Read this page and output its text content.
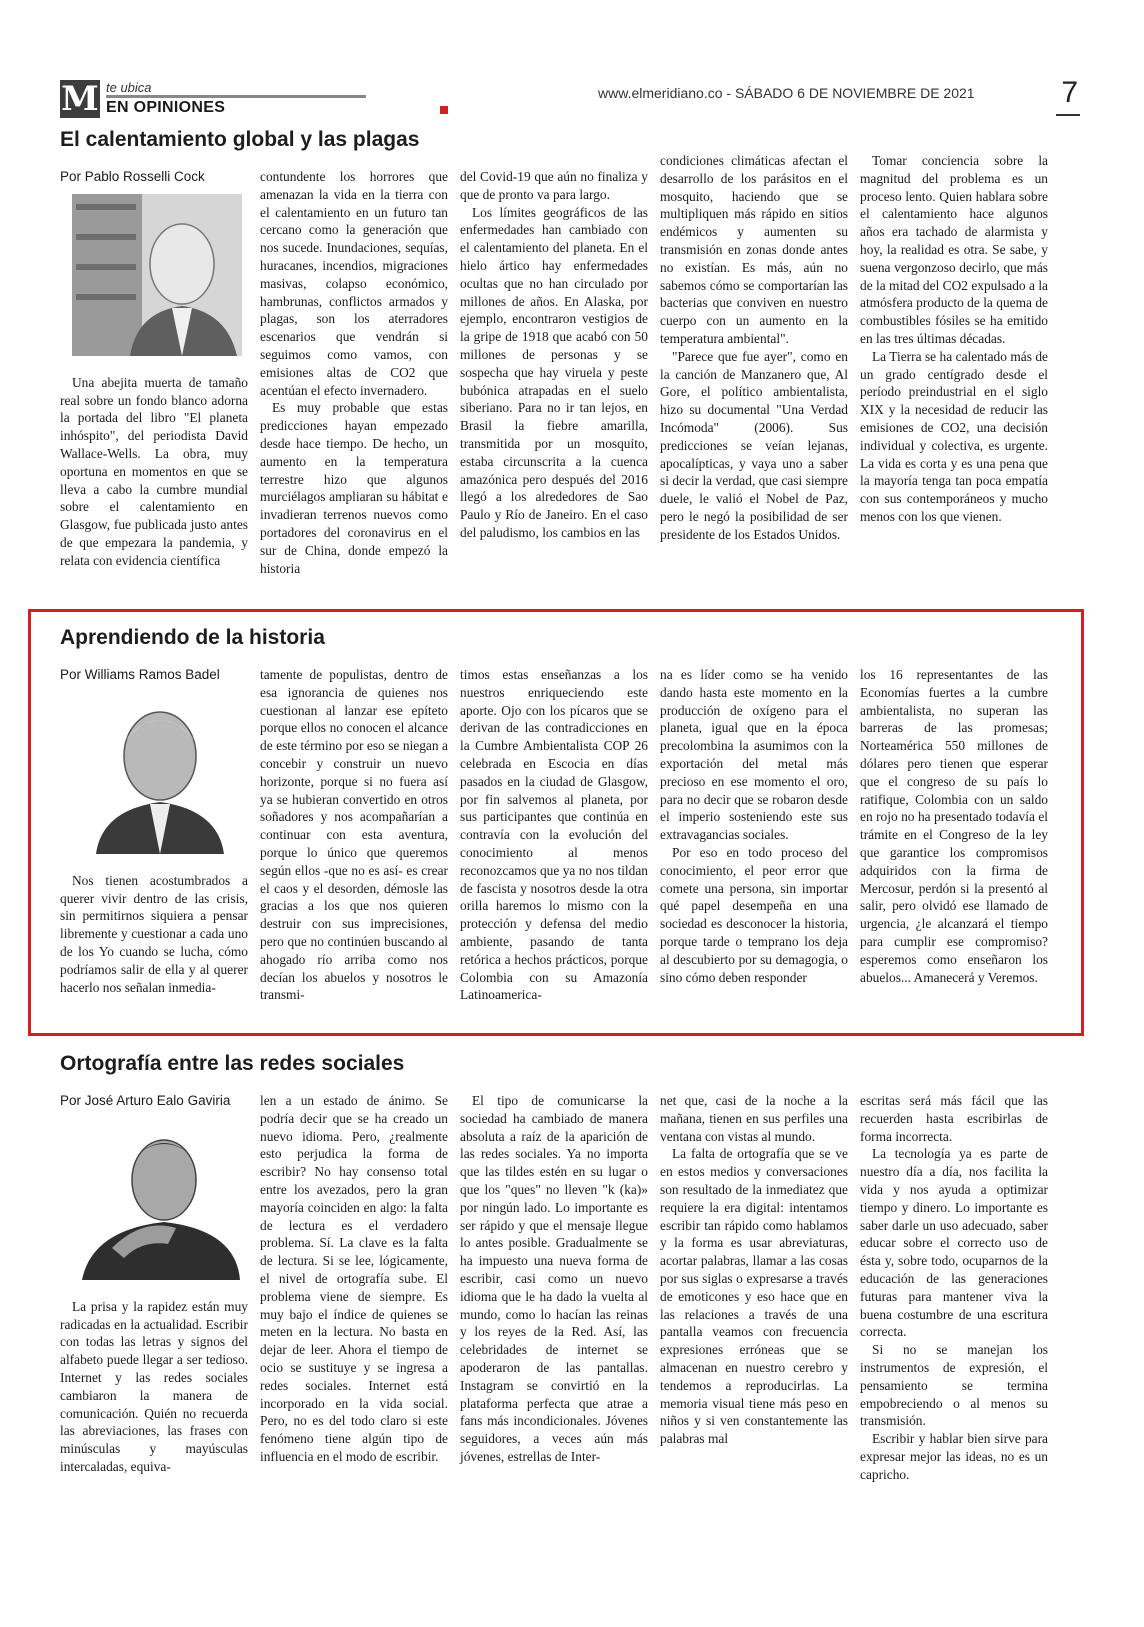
M te ubica
EN OPINIONES
www.elmeridiano.co - SÁBADO 6 DE NOVIEMBRE DE 2021	7
El calentamiento global y las plagas
Por Pablo Rosselli Cock

Una abejita muerta de tamaño real sobre un fondo blanco adorna la portada del libro "El planeta inhóspito", del periodista David Wallace-Wells. La obra, muy oportuna en momentos en que se lleva a cabo la cumbre mundial sobre el calentamiento en Glasgow, fue publicada justo antes de que empezara la pandemia, y relata con evidencia científica

contundente los horrores que amenazan la vida en la tierra con el calentamiento en un futuro tan cercano como la generación que nos sucede. Inundaciones, sequías, huracanes, incendios, migraciones masivas, colapso económico, hambrunas, conflictos armados y plagas, son los aterradores escenarios que vendrán si seguimos como vamos, con emisiones altas de CO2 que acentúan el efecto invernadero.

Es muy probable que estas predicciones hayan empezado desde hace tiempo. De hecho, un aumento en la temperatura terrestre hizo que algunos murciélagos ampliaran su hábitat e invadieran terrenos nuevos como portadores del coronavirus en el sur de China, donde empezó la historia

del Covid-19 que aún no finaliza y que de pronto va para largo.

Los límites geográficos de las enfermedades han cambiado con el calentamiento del planeta. En el hielo ártico hay enfermedades ocultas que no han circulado por millones de años. En Alaska, por ejemplo, encontraron vestigios de la gripe de 1918 que acabó con 50 millones de personas y se sospecha que hay viruela y peste bubónica atrapadas en el suelo siberiano. Para no ir tan lejos, en Brasil la fiebre amarilla, transmitida por un mosquito, estaba circunscrita a la cuenca amazónica pero después del 2016 llegó a los alrededores de Sao Paulo y Río de Janeiro. En el caso del paludismo, los cambios en las

condiciones climáticas afectan el desarrollo de los parásitos en el mosquito, haciendo que se multipliquen más rápido en sitios endémicos y aumenten su transmisión en zonas donde antes no existían. Es más, aún no sabemos cómo se comportarían las bacterias que conviven en nuestro cuerpo con un aumento en la temperatura ambiental".

"Parece que fue ayer", como en la canción de Manzanero que, Al Gore, el político ambientalista, hizo su documental "Una Verdad Incómoda" (2006). Sus predicciones se veían lejanas, apocalípticas, y vaya uno a saber si decir la verdad, que casi siempre duele, le valió el Nobel de Paz, pero le negó la posibilidad de ser presidente de los Estados Unidos.

Tomar conciencia sobre la magnitud del problema es un proceso lento. Quien hablara sobre el calentamiento hace algunos años era tachado de alarmista y hoy, la realidad es otra. Se sabe, y suena vergonzoso decirlo, que más de la mitad del CO2 expulsado a la atmósfera producto de la quema de combustibles fósiles se ha emitido en las tres últimas décadas.

La Tierra se ha calentado más de un grado centígrado desde el período preindustrial en el siglo XIX y la necesidad de reducir las emisiones de CO2, una decisión individual y colectiva, es urgente. La vida es corta y es una pena que la mayoría tenga tan poca empatía con sus contemporáneos y mucho menos con los que vienen.

Aprendiendo de la historia
Por Williams Ramos Badel

Nos tienen acostumbrados a querer vivir dentro de las crisis, sin permitirnos siquiera a pensar libremente y cuestionar a cada uno de los Yo cuando se lucha, cómo podríamos salir de ella y al querer hacerlo nos señalan inmedia-

tamente de populistas, dentro de esa ignorancia de quienes nos cuestionan al lanzar ese epíteto porque ellos no conocen el alcance de este término por eso se niegan a concebir y construir un nuevo horizonte, porque si no fuera así ya se hubieran convertido en otros soñadores y nos acompañarían a continuar con esta aventura, porque lo único que queremos según ellos -que no es así- es crear el caos y el desorden, démosle las gracias a los que nos quieren destruir con sus imprecisiones, pero que no continúen buscando al ahogado río arriba como nos decían los abuelos y nosotros le transmi-

timos estas enseñanzas a los nuestros enriqueciendo este aporte. Ojo con los pícaros que se derivan de las contradicciones en la Cumbre Ambientalista COP 26 celebrada en Escocia en días pasados en la ciudad de Glasgow, por fin salvemos al planeta, por sus participantes que continúa en contravía con la evolución del conocimiento al menos reconozcamos que ya no nos tildan de fascista y nosotros desde la otra orilla haremos lo mismo con la protección y defensa del medio ambiente, pasando de tanta retórica a hechos prácticos, porque Colombia con su Amazonía Latinoamerica-

na es líder como se ha venido dando hasta este momento en la producción de oxígeno para el planeta, igual que en la época precolombina la asumimos con la exportación del metal más precioso en ese momento el oro, para no decir que se robaron desde el imperio sosteniendo este sus extravagancias sociales.

Por eso en todo proceso del conocimiento, el peor error que comete una persona, sin importar qué papel desempeña en una sociedad es desconocer la historia, porque tarde o temprano los deja al descubierto por su demagogia, o sino cómo deben responder

los 16 representantes de las Economías fuertes a la cumbre ambientalista, no superan las barreras de las promesas; Norteamérica 550 millones de dólares pero tienen que esperar que el congreso de su país lo ratifique, Colombia con un saldo en rojo no ha presentado todavía el trámite en el Congreso de la ley que garantice los compromisos adquiridos con la firma de Mercosur, perdón si la presentó al salir, pero olvidó ese llamado de urgencia, ¿le alcanzará el tiempo para cumplir ese compromiso? esperemos como enseñaron los abuelos... Amanecerá y Veremos.

Ortografía entre las redes sociales
Por José Arturo Ealo Gaviria

La prisa y la rapidez están muy radicadas en la actualidad. Escribir con todas las letras y signos del alfabeto puede llegar a ser tedioso. Internet y las redes sociales cambiaron la manera de comunicación. Quién no recuerda las abreviaciones, las frases con minúsculas y mayúsculas intercaladas, equiva-

len a un estado de ánimo. Se podría decir que se ha creado un nuevo idioma. Pero, ¿realmente esto perjudica la forma de escribir? No hay consenso total entre los avezados, pero la gran mayoría coinciden en algo: la falta de lectura es el verdadero problema. Sí. La clave es la falta de lectura. Si se lee, lógicamente, el nivel de ortografía sube. El problema viene de siempre. Es muy bajo el índice de quienes se meten en la lectura. No basta en dejar de leer. Ahora el tiempo de ocio se sustituye y se ingresa a redes sociales. Internet está incorporado en la vida social. Pero, no es del todo claro si este fenómeno tiene algún tipo de influencia en el modo de escribir.

El tipo de comunicarse la sociedad ha cambiado de manera absoluta a raíz de la aparición de las redes sociales. Ya no importa que las tildes estén en su lugar o que los "ques" no lleven "k (ka)» por ningún lado. Lo importante es ser rápido y que el mensaje llegue lo antes posible. Gradualmente se ha impuesto una nueva forma de escribir, casi como un nuevo idioma que le ha dado la vuelta al mundo, como lo hacían las reinas y los reyes de la Red. Así, las celebridades de internet se apoderaron de las pantallas. Instagram se convirtió en la plataforma perfecta que atrae a fans más incondicionales. Jóvenes seguidores, a veces aún más jóvenes, estrellas de Inter-

net que, casi de la noche a la mañana, tienen en sus perfiles una ventana con vistas al mundo.

La falta de ortografía que se ve en estos medios y conversaciones son resultado de la inmediatez que requiere la era digital: intentamos escribir tan rápido como hablamos y la forma es usar abreviaturas, acortar palabras, llamar a las cosas por sus siglas o expresarse a través de emoticones y eso hace que en las relaciones a través de una pantalla veamos con frecuencia expresiones erróneas que se almacenan en nuestro cerebro y tendemos a reproducirlas. La memoria visual tiene más peso en niños y si ven constantemente las palabras mal

escritas será más fácil que las recuerden hasta escribirlas de forma incorrecta.

La tecnología ya es parte de nuestro día a día, nos facilita la vida y nos ayuda a optimizar tiempo y dinero. Lo importante es saber darle un uso adecuado, saber educar sobre el correcto uso de ésta y, sobre todo, ocuparnos de la educación de las generaciones futuras para mantener viva la buena costumbre de una escritura correcta.

Si no se manejan los instrumentos de expresión, el pensamiento se termina empobreciendo o al menos su transmisión.

Escribir y hablar bien sirve para expresar mejor las ideas, no es un capricho.
